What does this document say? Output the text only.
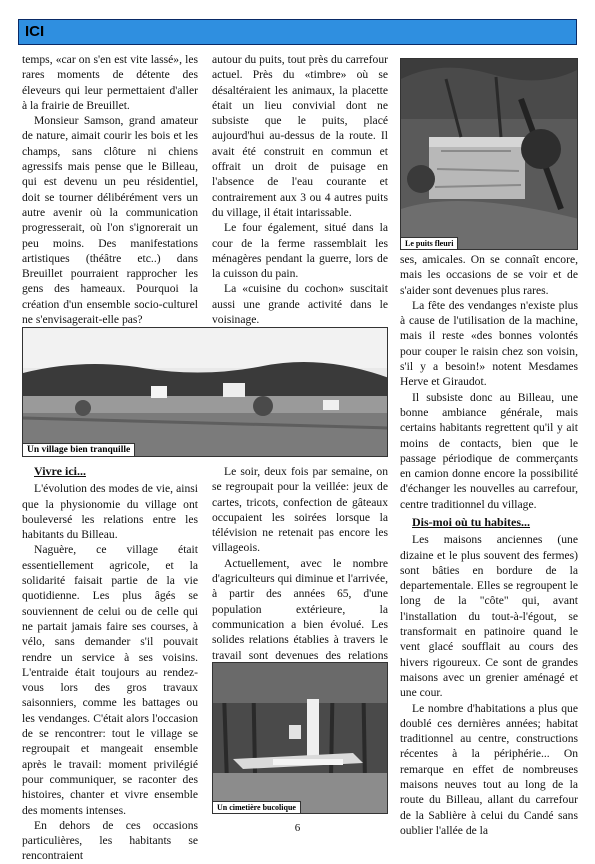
ICI

temps, «car on s'en est vite lassé», les rares moments de détente des éleveurs qui leur permettaient d'aller à la frairie de Breuillet.

Monsieur Samson, grand amateur de nature, aimait courir les bois et les champs, sans clôture ni chiens agressifs mais pense que le Billeau, qui est devenu un peu résidentiel, doit se tourner délibérément vers un autre avenir où la communication progresserait, où l'on s'ignorerait un peu moins. Des manifestations artistiques (théâtre etc..) dans Breuillet pourraient rapprocher les gens des hameaux. Pourquoi la création d'un ensemble socio-culturel ne s'envisagerait-elle pas?

autour du puits, tout près du carrefour actuel. Près du «timbre» où se désaltéraient les animaux, la placette était un lieu convivial dont ne subsiste que le puits, placé aujourd'hui au-dessus de la route. Il avait été construit en commun et offrait un droit de puisage en l'absence de l'eau courante et contrairement aux 3 ou 4 autres puits du village, il était intarissable.

Le four également, situé dans la cour de la ferme rassemblait les ménagères pendant la guerre, lors de la cuisson du pain.

La «cuisine du cochon» suscitait aussi une grande activité dans le voisinage.

Le puits fleuri

ses, amicales. On se connaît encore, mais les occasions de se voir et de s'aider sont devenues plus rares.

La fête des vendanges n'existe plus à cause de l'utilisation de la machine, mais il reste «des bonnes volontés pour couper le raisin chez son voisin, s'il y a besoin!» notent Mesdames Herve et Giraudot.

Il subsiste donc au Billeau, une bonne ambiance générale, mais certains habitants regrettent qu'il y ait moins de contacts, bien que le passage périodique de commerçants en camion donne encore la possibilité d'échanger les nouvelles au carrefour, centre traditionnel du village.

Un village bien tranquille
Vivre ici...

L'évolution des modes de vie, ainsi que la physionomie du village ont bouleversé les relations entre les habitants du Billeau.

Naguère, ce village était essentiellement agricole, et la solidarité faisait partie de la vie quotidienne. Les plus âgés se souviennent de celui ou de celle qui ne partait jamais faire ses courses, à vélo, sans demander s'il pouvait rendre un service à ses voisins. L'entraide était toujours au rendez-vous lors des gros travaux saisonniers, comme les battages ou les vendanges. C'était alors l'occasion de se rencontrer: tout le village se regroupait et mangeait ensemble après le travail: moment privilégié pour communiquer, se raconter des histoires, chanter et vivre ensemble des moments intenses.

En dehors de ces occasions particulières, les habitants se rencontraient

Le soir, deux fois par semaine, on se regroupait pour la veillée: jeux de cartes, tricots, confection de gâteaux occupaient les soirées lorsque la télévision ne retenait pas encore les villageois.

Actuellement, avec le nombre d'agriculteurs qui diminue et l'arrivée, à partir des années 65, d'une population extérieure, la communication a bien évolué. Les solides relations établies à travers le travail sont devenues des relations

Un cimetière bucolique
Dis-moi où tu habites...

Les maisons anciennes (une dizaine et le plus souvent des fermes) sont bâties en bordure de la departementale. Elles se regroupent le long de la "côte" qui, avant l'installation du tout-à-l'égout, se transformait en patinoire quand le vent glacé soufflait au cours des hivers rigoureux. Ce sont de grandes maisons avec un grenier aménagé et une cour.

Le nombre d'habitations a plus que doublé ces dernières années; habitat traditionnel au centre, constructions récentes à la périphérie... On remarque en effet de nombreuses maisons neuves tout au long de la route du Billeau, allant du carrefour de la Sablière à celui du Candé sans oublier l'allée de la

6
